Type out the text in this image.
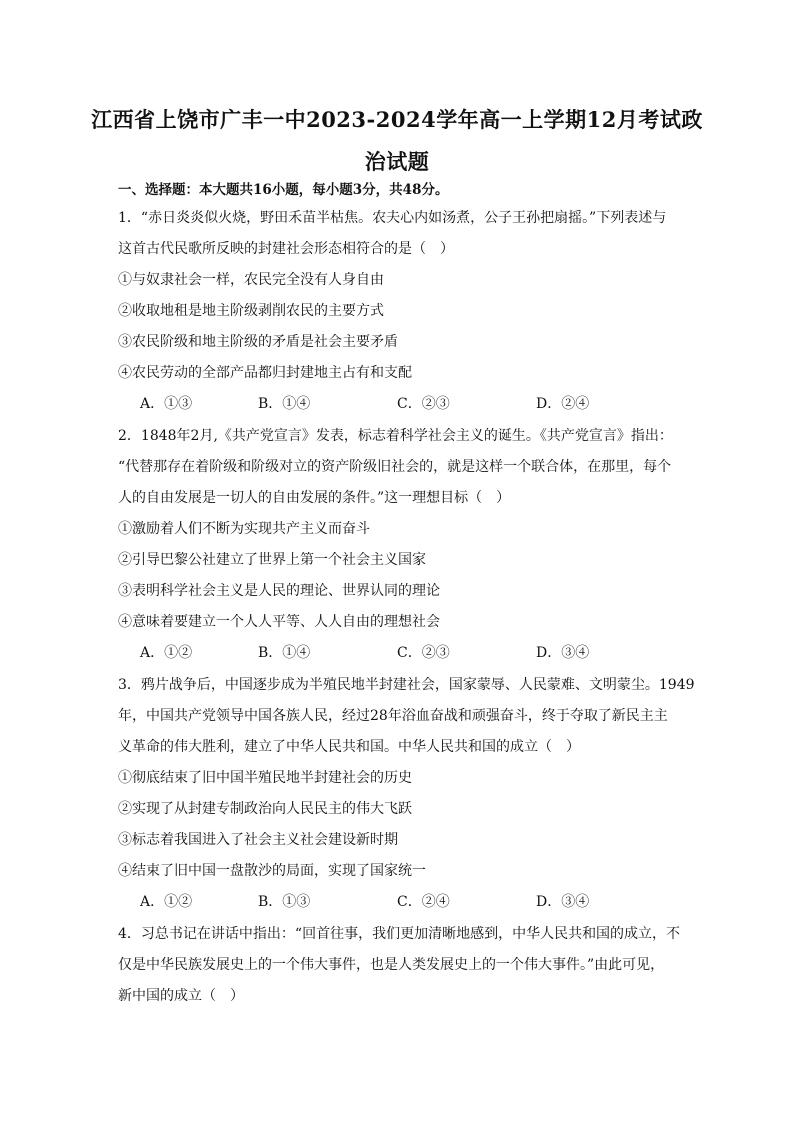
江西省上饶市广丰一中2023-2024学年高一上学期12月考试政
治试题
一、选择题：本大题共16小题，每小题3分，共48分。
1．“赤日炎炎似火烧，野田禾苗半枯焦。农夫心内如汤煮，公子王孙把扇摇。”下列表述与
这首古代民歌所反映的封建社会形态相符合的是（　）
①与奴隶社会一样，农民完全没有人身自由
②收取地租是地主阶级剥削农民的主要方式
③农民阶级和地主阶级的矛盾是社会主要矛盾
④农民劳动的全部产品都归封建地主占有和支配
A．①③	B．①④	C．②③	D．②④
2．1848年2月,《共产党宣言》发表，标志着科学社会主义的诞生。《共产党宣言》指出：
“代替那存在着阶级和阶级对立的资产阶级旧社会的，就是这样一个联合体，在那里，每个
人的自由发展是一切人的自由发展的条件。”这一理想目标（　）
①激励着人们不断为实现共产主义而奋斗
②引导巴黎公社建立了世界上第一个社会主义国家
③表明科学社会主义是人民的理论、世界认同的理论
④意味着要建立一个人人平等、人人自由的理想社会
A．①②	B．①④	C．②③	D．③④
3．鸦片战争后，中国逐步成为半殖民地半封建社会，国家蒙辱、人民蒙难、文明蒙尘。1949
年，中国共产党领导中国各族人民，经过28年浴血奋战和顽强奋斗，终于夺取了新民主主
义革命的伟大胜利，建立了中华人民共和国。中华人民共和国的成立（　）
①彻底结束了旧中国半殖民地半封建社会的历史
②实现了从封建专制政治向人民民主的伟大飞跃
③标志着我国进入了社会主义社会建设新时期
④结束了旧中国一盘散沙的局面，实现了国家统一
A．①②	B．①③	C．②④	D．③④
4．习总书记在讲话中指出：“回首往事，我们更加清晰地感到，中华人民共和国的成立，不
仅是中华民族发展史上的一个伟大事件，也是人类发展史上的一个伟大事件。”由此可见，
新中国的成立（　）
